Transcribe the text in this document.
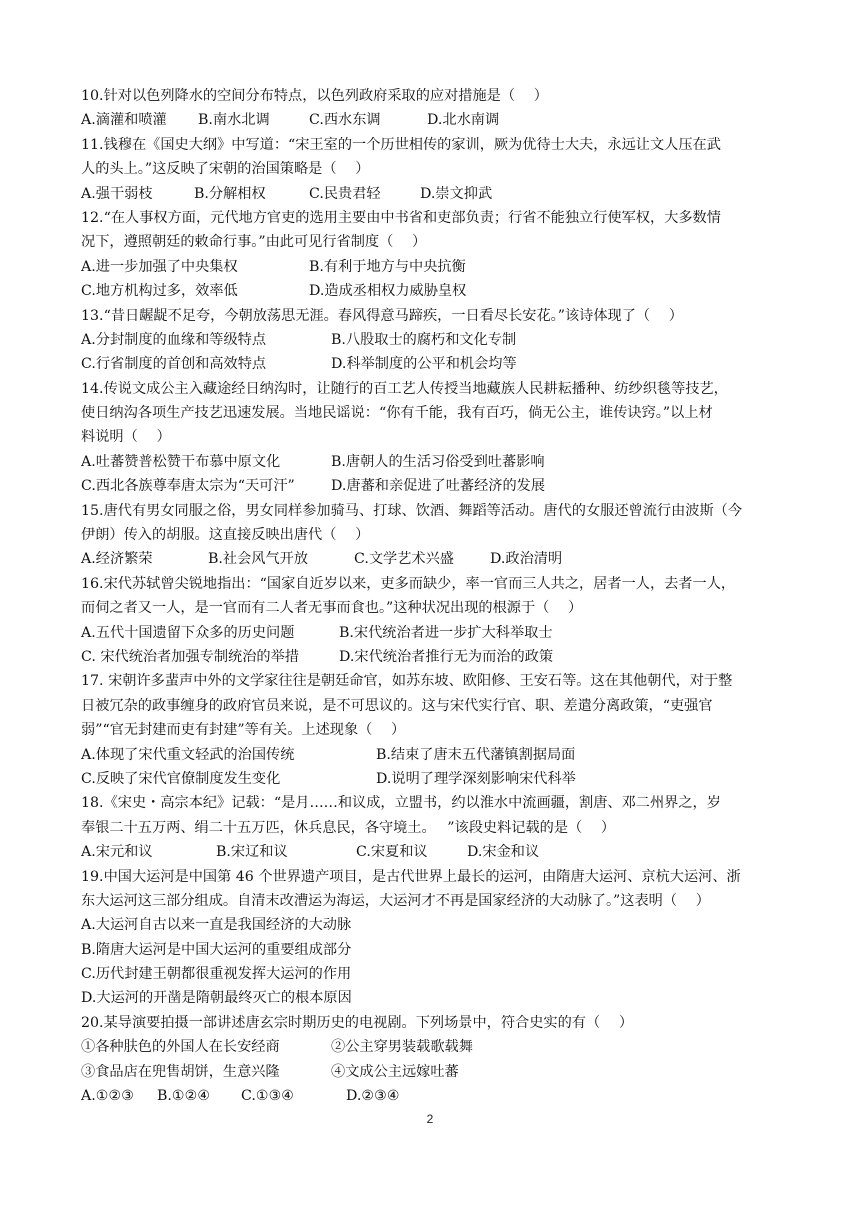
10.针对以色列降水的空间分布特点，以色列政府采取的应对措施是（　 ）
A.滴灌和喷灌 B.南水北调	C.西水东调	D.北水南调
11.钱穆在《国史大纲》中写道：“宋王室的一个历世相传的家训，厥为优待士大夫，永远让文人压在武
人的头上。”这反映了宋朝的治国策略是（　 ）
A.强干弱枝	B.分解相权	C.民贵君轻	D.崇文抑武
12.“在人事权方面，元代地方官吏的选用主要由中书省和吏部负责；行省不能独立行使军权，大多数情
况下，遵照朝廷的敕命行事。”由此可见行省制度（　 ）
A.进一步加强了中央集权	B.有利于地方与中央抗衡
C.地方机构过多，效率低	D.造成丞相权力威胁皇权
13.“昔日龌龊不足夸，今朝放荡思无涯。春风得意马蹄疾，一日看尽长安花。”该诗体现了（　 ）
A.分封制度的血缘和等级特点	B.八股取士的腐朽和文化专制
C.行省制度的首创和高效特点	D.科举制度的公平和机会均等
14.传说文成公主入藏途经日纳沟时，让随行的百工艺人传授当地藏族人民耕耘播种、纺纱织毯等技艺，
使日纳沟各项生产技艺迅速发展。当地民谣说：“你有千能，我有百巧，倘无公主，谁传诀窍。”以上材
料说明（　 ）
A.吐蕃赞普松赞干布慕中原文化	B.唐朝人的生活习俗受到吐蕃影响
C.西北各族尊奉唐太宗为“天可汗”	D.唐蕃和亲促进了吐蕃经济的发展
15.唐代有男女同服之俗，男女同样参加骑马、打球、饮酒、舞蹈等活动。唐代的女服还曾流行由波斯（今
伊朗）传入的胡服。这直接反映出唐代（　 ）
A.经济繁荣	B.社会风气开放	C.文学艺术兴盛	D.政治清明
16.宋代苏轼曾尖锐地指出：“国家自近岁以来，吏多而缺少，率一官而三人共之，居者一人，去者一人，
而伺之者又一人，是一官而有二人者无事而食也。”这种状况出现的根源于（　 ）
A.五代十国遗留下众多的历史问题	B.宋代统治者进一步扩大科举取士
C. 宋代统治者加强专制统治的举措	D.宋代统治者推行无为而治的政策
17. 宋朝许多蜚声中外的文学家往往是朝廷命官，如苏东坡、欧阳修、王安石等。这在其他朝代，对于整
日被冗杂的政事缠身的政府官员来说，是不可思议的。这与宋代实行官、职、差遣分离政策，“吏强官
弱”“官无封建而吏有封建”等有关。上述现象（　 ）
A.体现了宋代重文轻武的治国传统	B.结束了唐末五代藩镇割据局面
C.反映了宋代官僚制度发生变化	D.说明了理学深刻影响宋代科举
18.《宋史・高宗本纪》记载：“是月……和议成，立盟书，约以淮水中流画疆，割唐、邓二州界之，岁
奉银二十五万两、绢二十五万匹，休兵息民，各守境土。　 ”该段史料记载的是（　 ）
A.宋元和议	B.宋辽和议	C.宋夏和议	D.宋金和议
19.中国大运河是中国第 46 个世界遗产项目，是古代世界上最长的运河，由隋唐大运河、京杭大运河、浙
东大运河这三部分组成。自清末改漕运为海运，大运河才不再是国家经济的大动脉了。”这表明（　 ）
A.大运河自古以来一直是我国经济的大动脉
B.隋唐大运河是中国大运河的重要组成部分
C.历代封建王朝都很重视发挥大运河的作用
D.大运河的开凿是隋朝最终灭亡的根本原因
20.某导演要拍摄一部讲述唐玄宗时期历史的电视剧。下列场景中，符合史实的有（　 ）
①各种肤色的外国人在长安经商	②公主穿男装载歌载舞
③食品店在兜售胡饼，生意兴隆	④文成公主远嫁吐蕃
A.①②③ B.①②④ C.①③④	D.②③④
2
